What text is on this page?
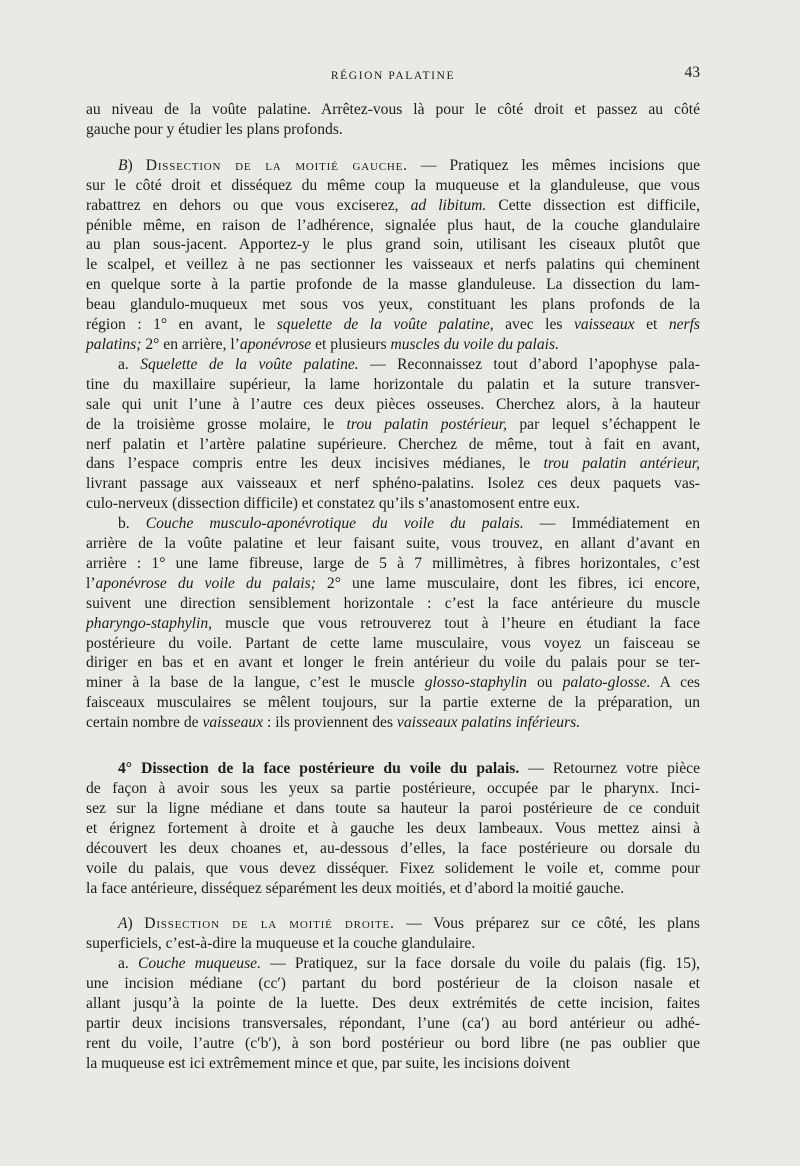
RÉGION PALATINE	43
au niveau de la voûte palatine. Arrêtez-vous là pour le côté droit et passez au côté
gauche pour y étudier les plans profonds.
B) Dissection de la moitié gauche. — Pratiquez les mêmes incisions que
sur le côté droit et disséquez du même coup la muqueuse et la glanduleuse, que vous
rabattrez en dehors ou que vous exciserez, ad libitum. Cette dissection est difficile,
pénible même, en raison de l’adhérence, signalée plus haut, de la couche glandulaire
au plan sous-jacent. Apportez-y le plus grand soin, utilisant les ciseaux plutôt que
le scalpel, et veillez à ne pas sectionner les vaisseaux et nerfs palatins qui cheminent
en quelque sorte à la partie profonde de la masse glanduleuse. La dissection du lam-
beau glandulo-muqueux met sous vos yeux, constituant les plans profonds de la
région : 1° en avant, le squelette de la voûte palatine, avec les vaisseaux et nerfs
palatins; 2° en arrière, l’aponévrose et plusieurs muscles du voile du palais.
a. Squelette de la voûte palatine. — Reconnaissez tout d’abord l’apophyse pala-
tine du maxillaire supérieur, la lame horizontale du palatin et la suture transver-
sale qui unit l’une à l’autre ces deux pièces osseuses. Cherchez alors, à la hauteur
de la troisième grosse molaire, le trou palatin postérieur, par lequel s’échappent le
nerf palatin et l’artère palatine supérieure. Cherchez de même, tout à fait en avant,
dans l’espace compris entre les deux incisives médianes, le trou palatin antérieur,
livrant passage aux vaisseaux et nerf sphéno-palatins. Isolez ces deux paquets vas-
culo-nerveux (dissection difficile) et constatez qu’ils s’anastomosent entre eux.
b. Couche musculo-aponévrotique du voile du palais. — Immédiatement en
arrière de la voûte palatine et leur faisant suite, vous trouvez, en allant d’avant en
arrière : 1° une lame fibreuse, large de 5 à 7 millimètres, à fibres horizontales, c’est
l’aponévrose du voile du palais; 2° une lame musculaire, dont les fibres, ici encore,
suivent une direction sensiblement horizontale : c’est la face antérieure du muscle
pharyngo-staphylin, muscle que vous retrouverez tout à l’heure en étudiant la face
postérieure du voile. Partant de cette lame musculaire, vous voyez un faisceau se
diriger en bas et en avant et longer le frein antérieur du voile du palais pour se ter-
miner à la base de la langue, c’est le muscle glosso-staphylin ou palato-glosse. A ces
faisceaux musculaires se mêlent toujours, sur la partie externe de la préparation, un
certain nombre de vaisseaux : ils proviennent des vaisseaux palatins inférieurs.
4° Dissection de la face postérieure du voile du palais. — Retournez votre pièce
de façon à avoir sous les yeux sa partie postérieure, occupée par le pharynx. Inci-
sez sur la ligne médiane et dans toute sa hauteur la paroi postérieure de ce conduit
et érignez fortement à droite et à gauche les deux lambeaux. Vous mettez ainsi à
découvert les deux choanes et, au-dessous d’elles, la face postérieure ou dorsale du
voile du palais, que vous devez disséquer. Fixez solidement le voile et, comme pour
la face antérieure, disséquez séparément les deux moitiés, et d’abord la moitié gauche.
A) Dissection de la moitié droite. — Vous préparez sur ce côté, les plans
superficiels, c’est-à-dire la muqueuse et la couche glandulaire.
a. Couche muqueuse. — Pratiquez, sur la face dorsale du voile du palais (fig. 15),
une incision médiane (cc′) partant du bord postérieur de la cloison nasale et
allant jusqu’à la pointe de la luette. Des deux extrémités de cette incision, faites
partir deux incisions transversales, répondant, l’une (ca′) au bord antérieur ou adhé-
rent du voile, l’autre (c′b′), à son bord postérieur ou bord libre (ne pas oublier que
la muqueuse est ici extrêmement mince et que, par suite, les incisions doivent
